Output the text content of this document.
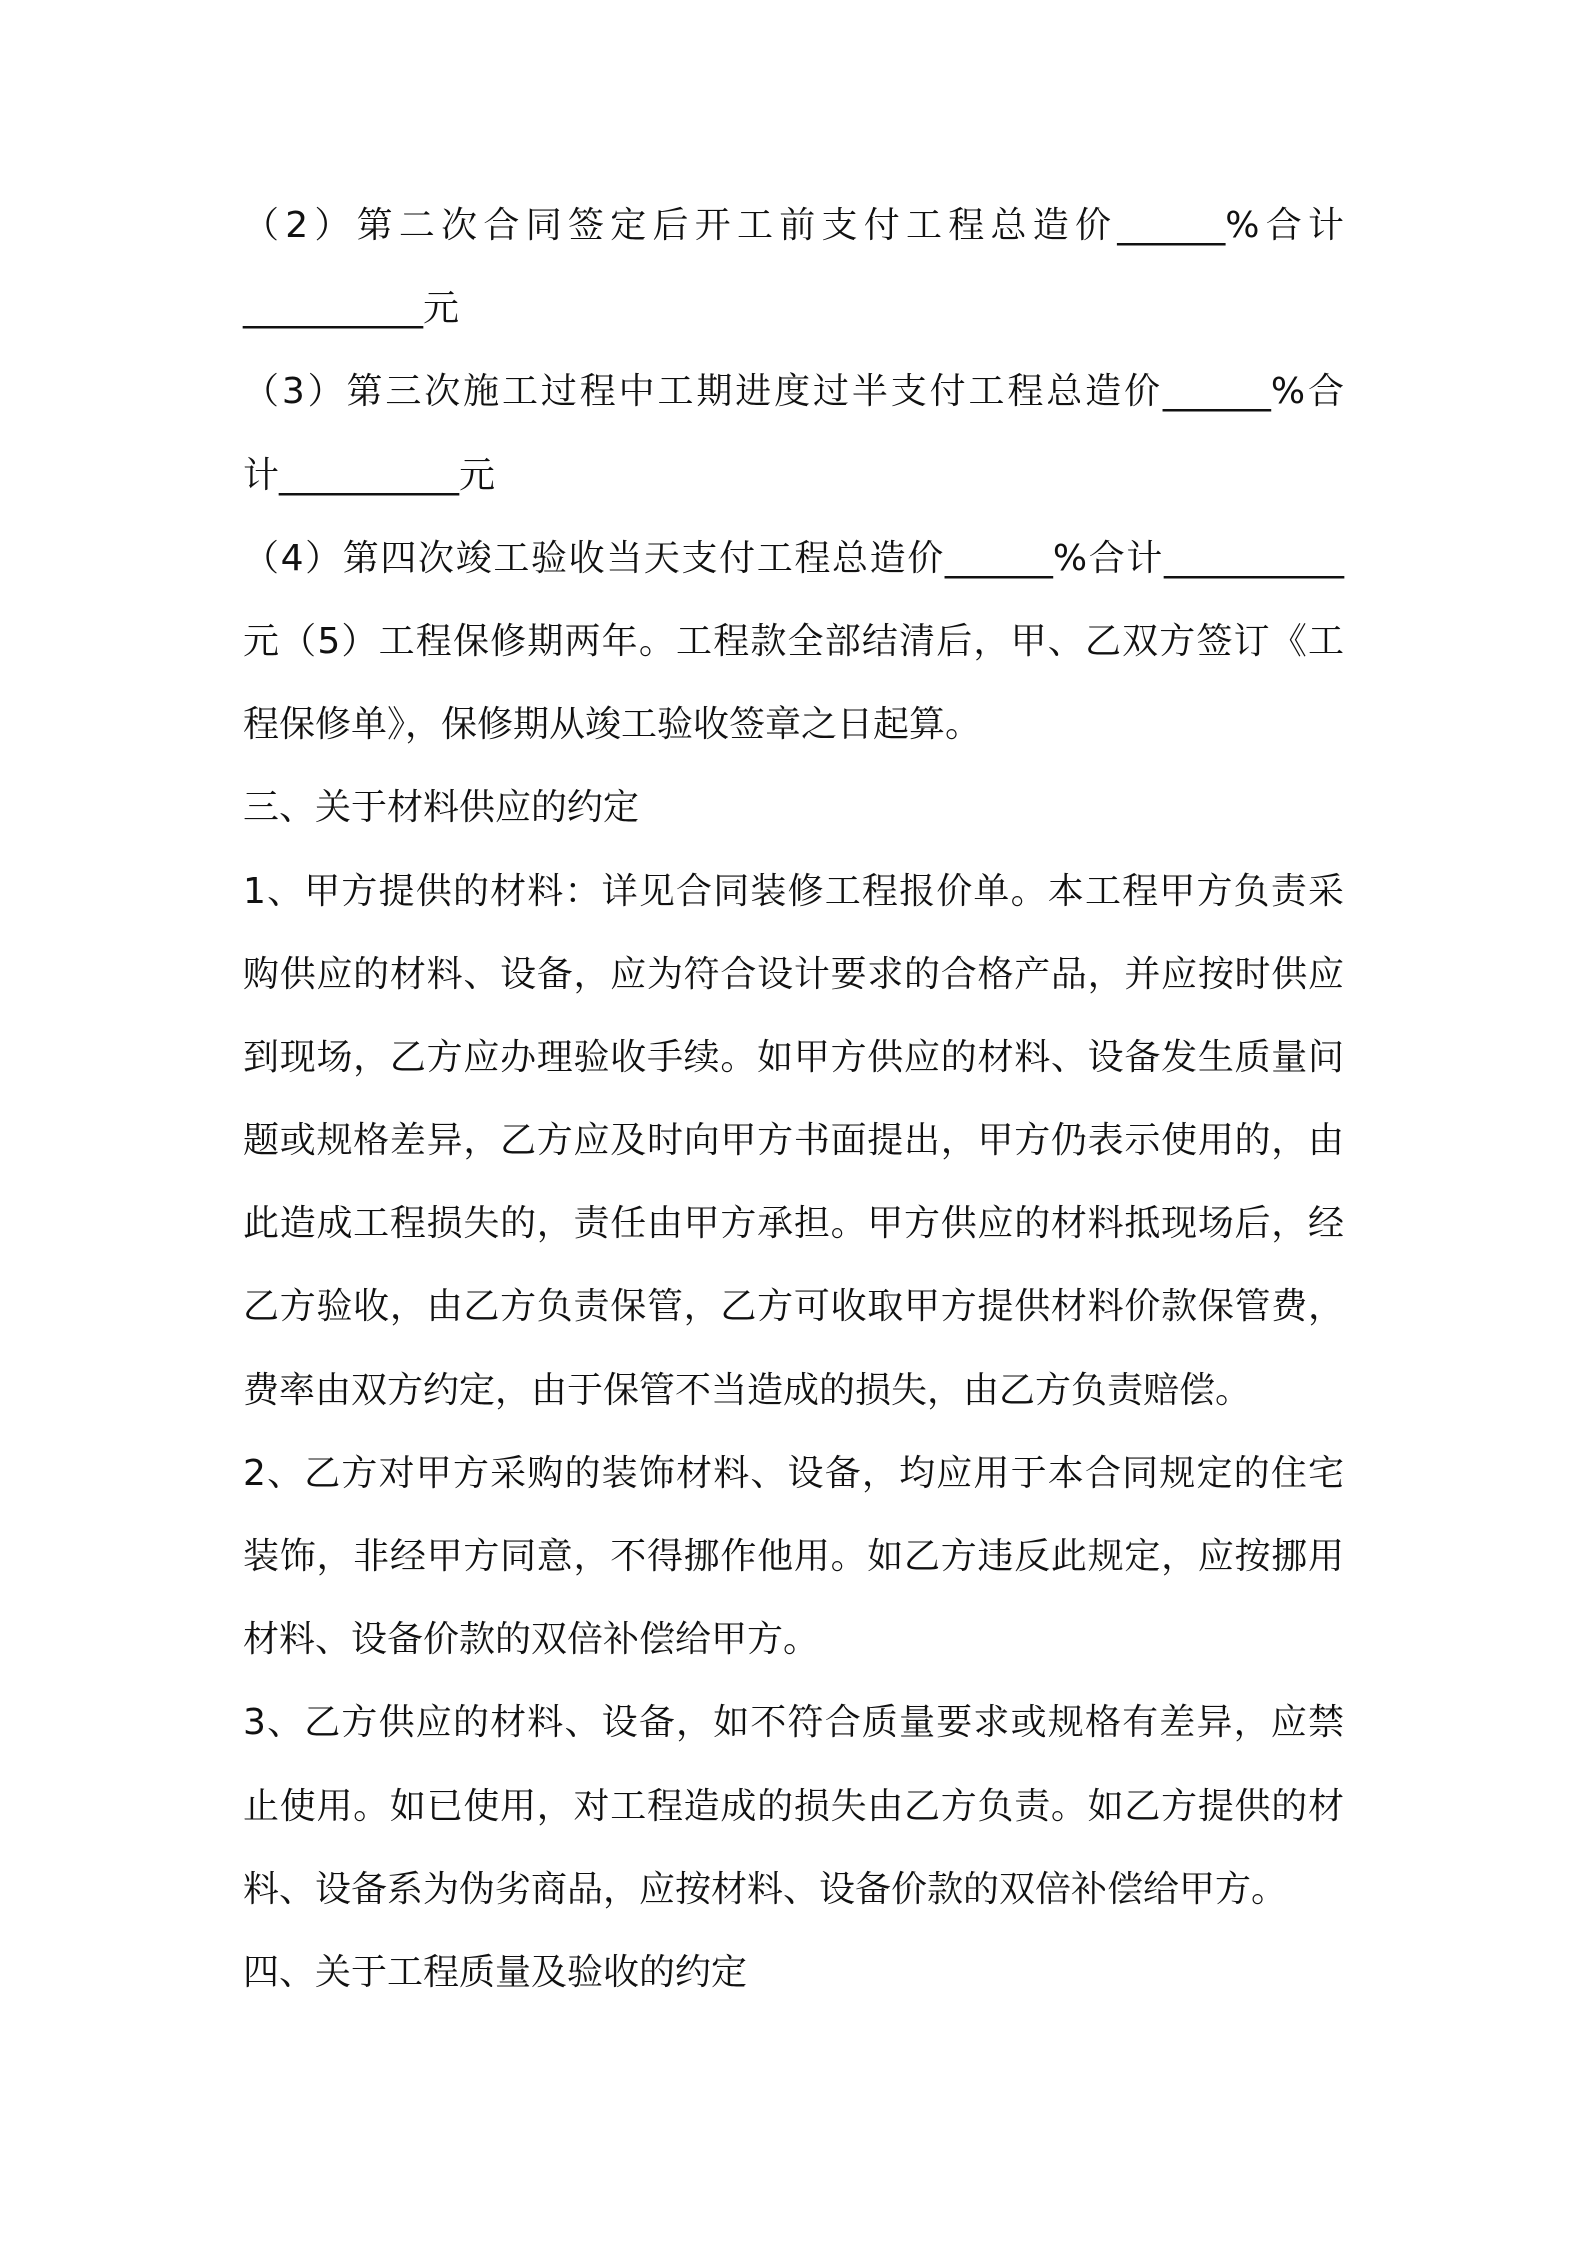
（2）第二次合同签定后开工前支付工程总造价______%合计

__________元

（3）第三次施工过程中工期进度过半支付工程总造价______%合

计__________元

（4）第四次竣工验收当天支付工程总造价______%合计__________

元（5）工程保修期两年。工程款全部结清后，甲、乙双方签订《工

程保修单》，保修期从竣工验收签章之日起算。

三、关于材料供应的约定

1、甲方提供的材料：详见合同装修工程报价单。本工程甲方负责采

购供应的材料、设备，应为符合设计要求的合格产品，并应按时供应

到现场，乙方应办理验收手续。如甲方供应的材料、设备发生质量问

题或规格差异，乙方应及时向甲方书面提出，甲方仍表示使用的，由

此造成工程损失的，责任由甲方承担。甲方供应的材料抵现场后，经

乙方验收，由乙方负责保管，乙方可收取甲方提供材料价款保管费，

费率由双方约定，由于保管不当造成的损失，由乙方负责赔偿。

2、乙方对甲方采购的装饰材料、设备，均应用于本合同规定的住宅

装饰，非经甲方同意，不得挪作他用。如乙方违反此规定，应按挪用

材料、设备价款的双倍补偿给甲方。

3、乙方供应的材料、设备，如不符合质量要求或规格有差异，应禁

止使用。如已使用，对工程造成的损失由乙方负责。如乙方提供的材

料、设备系为伪劣商品，应按材料、设备价款的双倍补偿给甲方。

四、关于工程质量及验收的约定
